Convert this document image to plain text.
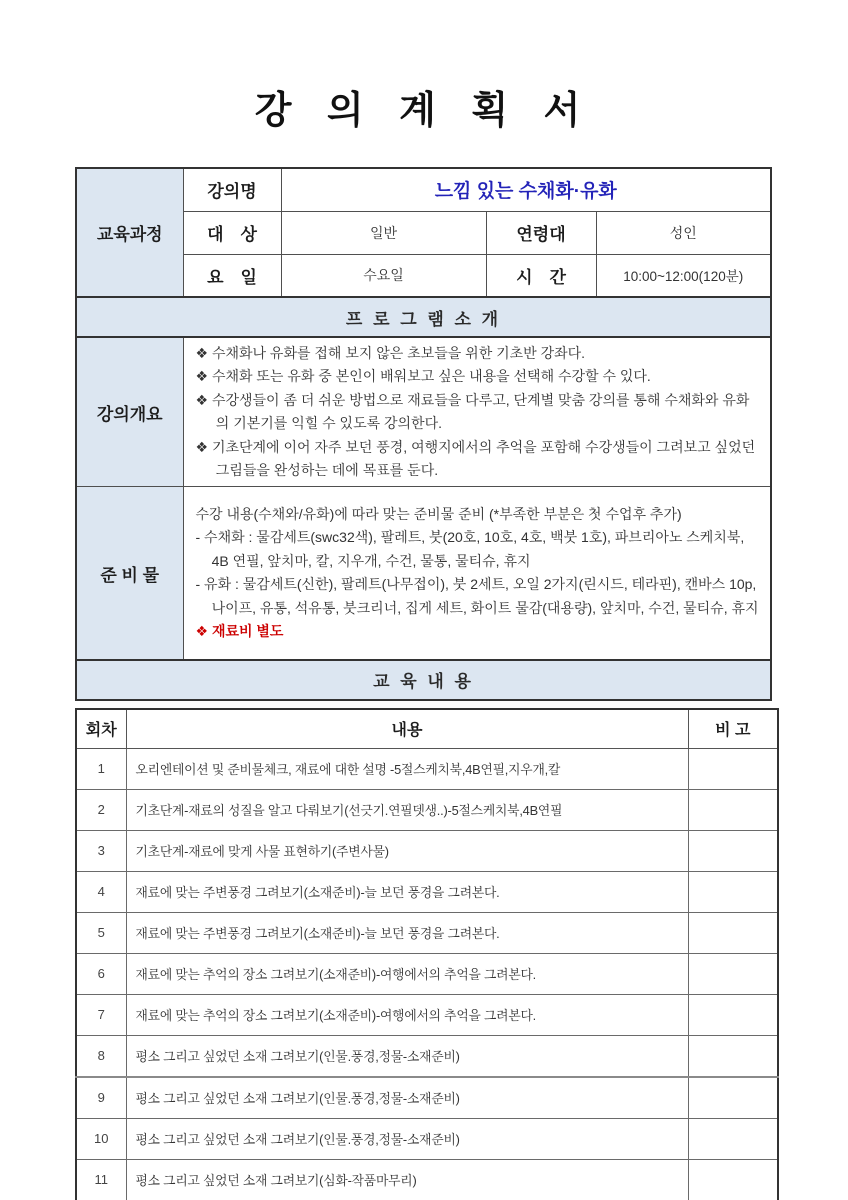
강 의 계 획 서
교육과정	강의명	느낌 있는 수채화·유화		
	대　상	일반	연령대	성인
	요　일	수요일	시　간	10:00~12:00(120분)
프 로 그 램 소 개				
강의개요	❖ 수채화나 유화를 접해 보지 않은 초보들을 위한 기초반 강좌다.
❖ 수채화 또는 유화 중 본인이 배워보고 싶은 내용을 선택해 수강할 수 있다.
❖ 수강생들이 좀 더 쉬운 방법으로 재료들을 다루고, 단계별 맞춤 강의를 통해 수채화와 유화의 기본기를 익힐 수 있도록 강의한다.
❖ 기초단계에 이어 자주 보던 풍경, 여행지에서의 추억을 포함해 수강생들이 그려보고 싶었던 그림들을 완성하는 데에 목표를 둔다.			

준 비 물	수강 내용(수채와/유화)에 따라 맞는 준비물 준비 (*부족한 부분은 첫 수업후 추가)
- 수채화 : 물감세트(swc32색), 팔레트, 붓(20호, 10호, 4호, 백붓 1호), 파브리아노 스케치북, 4B 연필, 앞치마, 칼, 지우개, 수건, 물통, 물티슈, 휴지
- 유화 : 물감세트(신한), 팔레트(나무접이), 붓 2세트, 오일 2가지(린시드, 테라핀), 캔바스 10p, 나이프, 유통, 석유통, 붓크리너, 집게 세트, 화이트 물감(대용량), 앞치마, 수건, 물티슈, 휴지
❖ 재료비 별도			

교 육 내 용				
회차	내용	비 고
1	오리엔테이션 및 준비물체크, 재료에 대한 설명 -5절스케치북,4B연필,지우개,칼	
2	기초단계-재료의 성질을 알고 다뤄보기(선긋기.연필뎃생..)-5절스케치북,4B연필	
3	기초단계-재료에 맞게 사물 표현하기(주변사물)	
4	재료에 맞는 주변풍경 그려보기(소재준비)-늘 보던 풍경을 그려본다.	
5	재료에 맞는 주변풍경 그려보기(소재준비)-늘 보던 풍경을 그려본다.	
6	재료에 맞는 추억의 장소 그려보기(소재준비)-여행에서의 추억을 그려본다.	
7	재료에 맞는 추억의 장소 그려보기(소재준비)-여행에서의 추억을 그려본다.	
8	평소 그리고 싶었던 소재 그려보기(인물.풍경,정물-소재준비)	
9	평소 그리고 싶었던 소재 그려보기(인물.풍경,정물-소재준비)	
10	평소 그리고 싶었던 소재 그려보기(인물.풍경,정물-소재준비)	
11	평소 그리고 싶었던 소재 그려보기(심화-작품마무리)	
